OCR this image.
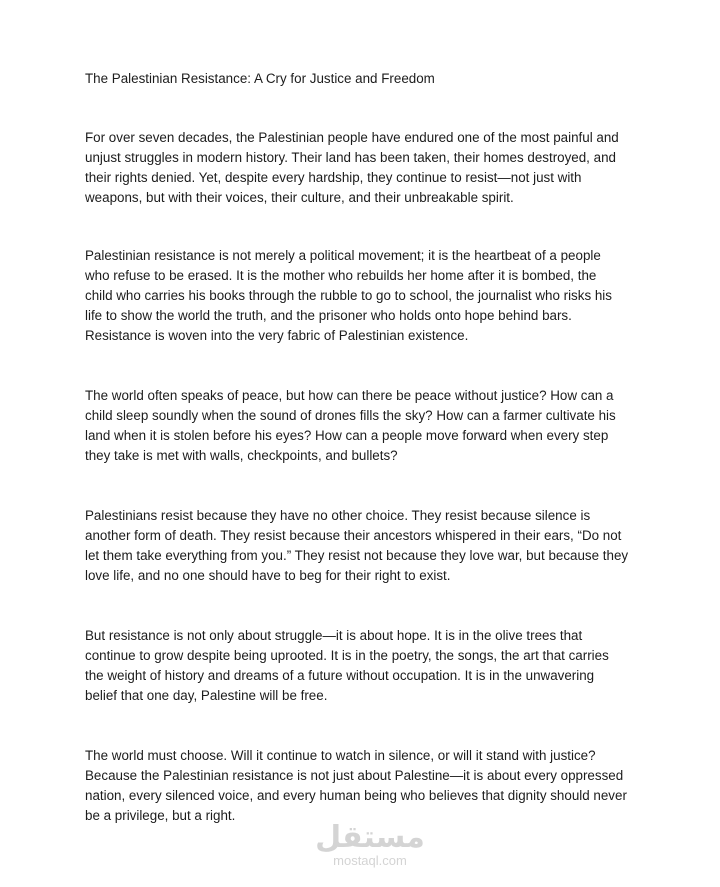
The Palestinian Resistance: A Cry for Justice and Freedom
For over seven decades, the Palestinian people have endured one of the most painful and
unjust struggles in modern history. Their land has been taken, their homes destroyed, and
their rights denied. Yet, despite every hardship, they continue to resist—not just with
weapons, but with their voices, their culture, and their unbreakable spirit.
Palestinian resistance is not merely a political movement; it is the heartbeat of a people
who refuse to be erased. It is the mother who rebuilds her home after it is bombed, the
child who carries his books through the rubble to go to school, the journalist who risks his
life to show the world the truth, and the prisoner who holds onto hope behind bars.
Resistance is woven into the very fabric of Palestinian existence.
The world often speaks of peace, but how can there be peace without justice? How can a
child sleep soundly when the sound of drones fills the sky? How can a farmer cultivate his
land when it is stolen before his eyes? How can a people move forward when every step
they take is met with walls, checkpoints, and bullets?
Palestinians resist because they have no other choice. They resist because silence is
another form of death. They resist because their ancestors whispered in their ears, “Do not
let them take everything from you.” They resist not because they love war, but because they
love life, and no one should have to beg for their right to exist.
But resistance is not only about struggle—it is about hope. It is in the olive trees that
continue to grow despite being uprooted. It is in the poetry, the songs, the art that carries
the weight of history and dreams of a future without occupation. It is in the unwavering
belief that one day, Palestine will be free.
The world must choose. Will it continue to watch in silence, or will it stand with justice?
Because the Palestinian resistance is not just about Palestine—it is about every oppressed
nation, every silenced voice, and every human being who believes that dignity should never
be a privilege, but a right.
مستقل
mostaql.com
